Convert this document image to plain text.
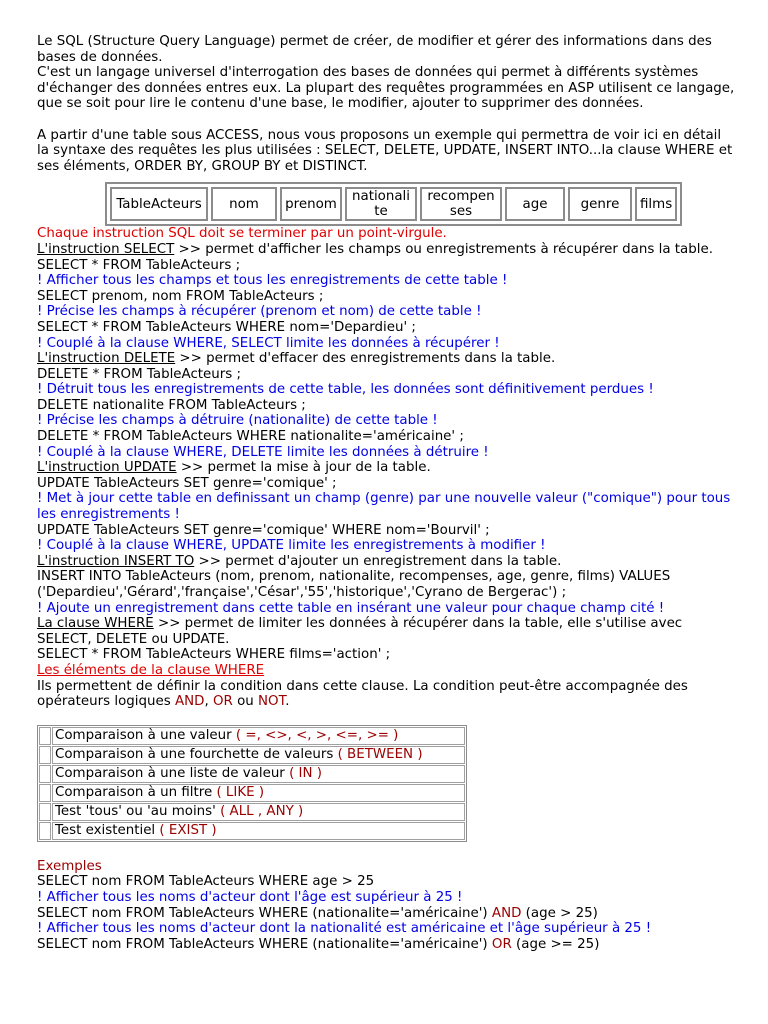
Le SQL (Structure Query Language) permet de créer, de modifier et gérer des informations dans des bases de données.

C'est un langage universel d'interrogation des bases de données qui permet à différents systèmes d'échanger des données entres eux. La plupart des requêtes programmées en ASP utilisent ce langage, que se soit pour lire le contenu d'une base, le modifier, ajouter to supprimer des données.

A partir d'une table sous ACCESS, nous vous proposons un exemple qui permettra de voir ici en détail la syntaxe des requêtes les plus utilisées : SELECT, DELETE, UPDATE, INSERT INTO...la clause WHERE et ses éléments, ORDER BY, GROUP BY et DISTINCT.

TableActeurs	nom	prenom	nationalite	recompenses	age	genre	films

Chaque instruction SQL doit se terminer par un point-virgule.

L'instruction SELECT >> permet d'afficher les champs ou enregistrements à récupérer dans la table.

SELECT * FROM TableActeurs ;

! Afficher tous les champs et tous les enregistrements de cette table !

SELECT prenom, nom FROM TableActeurs ;

! Précise les champs à récupérer (prenom et nom) de cette table !

SELECT * FROM TableActeurs WHERE nom='Depardieu' ;

! Couplé à la clause WHERE, SELECT limite les données à récupérer !

L'instruction DELETE >> permet d'effacer des enregistrements dans la table.

DELETE * FROM TableActeurs ;

! Détruit tous les enregistrements de cette table, les données sont définitivement perdues !

DELETE nationalite FROM TableActeurs ;

! Précise les champs à détruire (nationalite) de cette table !

DELETE * FROM TableActeurs WHERE nationalite='américaine' ;

! Couplé à la clause WHERE, DELETE limite les données à détruire !

L'instruction UPDATE >> permet la mise à jour de la table.

UPDATE TableActeurs SET genre='comique' ;

! Met à jour cette table en definissant un champ (genre) par une nouvelle valeur ("comique") pour tous les enregistrements !

UPDATE TableActeurs SET genre='comique' WHERE nom='Bourvil' ;

! Couplé à la clause WHERE, UPDATE limite les enregistrements à modifier !

L'instruction INSERT TO >> permet d'ajouter un enregistrement dans la table.

INSERT INTO TableActeurs (nom, prenom, nationalite, recompenses, age, genre, films) VALUES ('Depardieu','Gérard','française','César','55','historique','Cyrano de Bergerac') ;

! Ajoute un enregistrement dans cette table en insérant une valeur pour chaque champ cité !

La clause WHERE >> permet de limiter les données à récupérer dans la table, elle s'utilise avec SELECT, DELETE ou UPDATE.

SELECT * FROM TableActeurs WHERE films='action' ;

Les éléments de la clause WHERE

Ils permettent de définir la condition dans cette clause. La condition peut-être accompagnée des opérateurs logiques AND, OR ou NOT.

	Comparaison à une valeur ( =, <>, <, >, <=, >= )
	Comparaison à une fourchette de valeurs ( BETWEEN )
	Comparaison à une liste de valeur ( IN )
	Comparaison à un filtre ( LIKE )
	Test 'tous' ou 'au moins' ( ALL , ANY )
	Test existentiel ( EXIST )

Exemples

SELECT nom FROM TableActeurs WHERE age > 25

! Afficher tous les noms d'acteur dont l'âge est supérieur à 25 !

SELECT nom FROM TableActeurs WHERE (nationalite='américaine') AND (age > 25)

! Afficher tous les noms d'acteur dont la nationalité est américaine et l'âge supérieur à 25 !

SELECT nom FROM TableActeurs WHERE (nationalite='américaine') OR (age >= 25)
